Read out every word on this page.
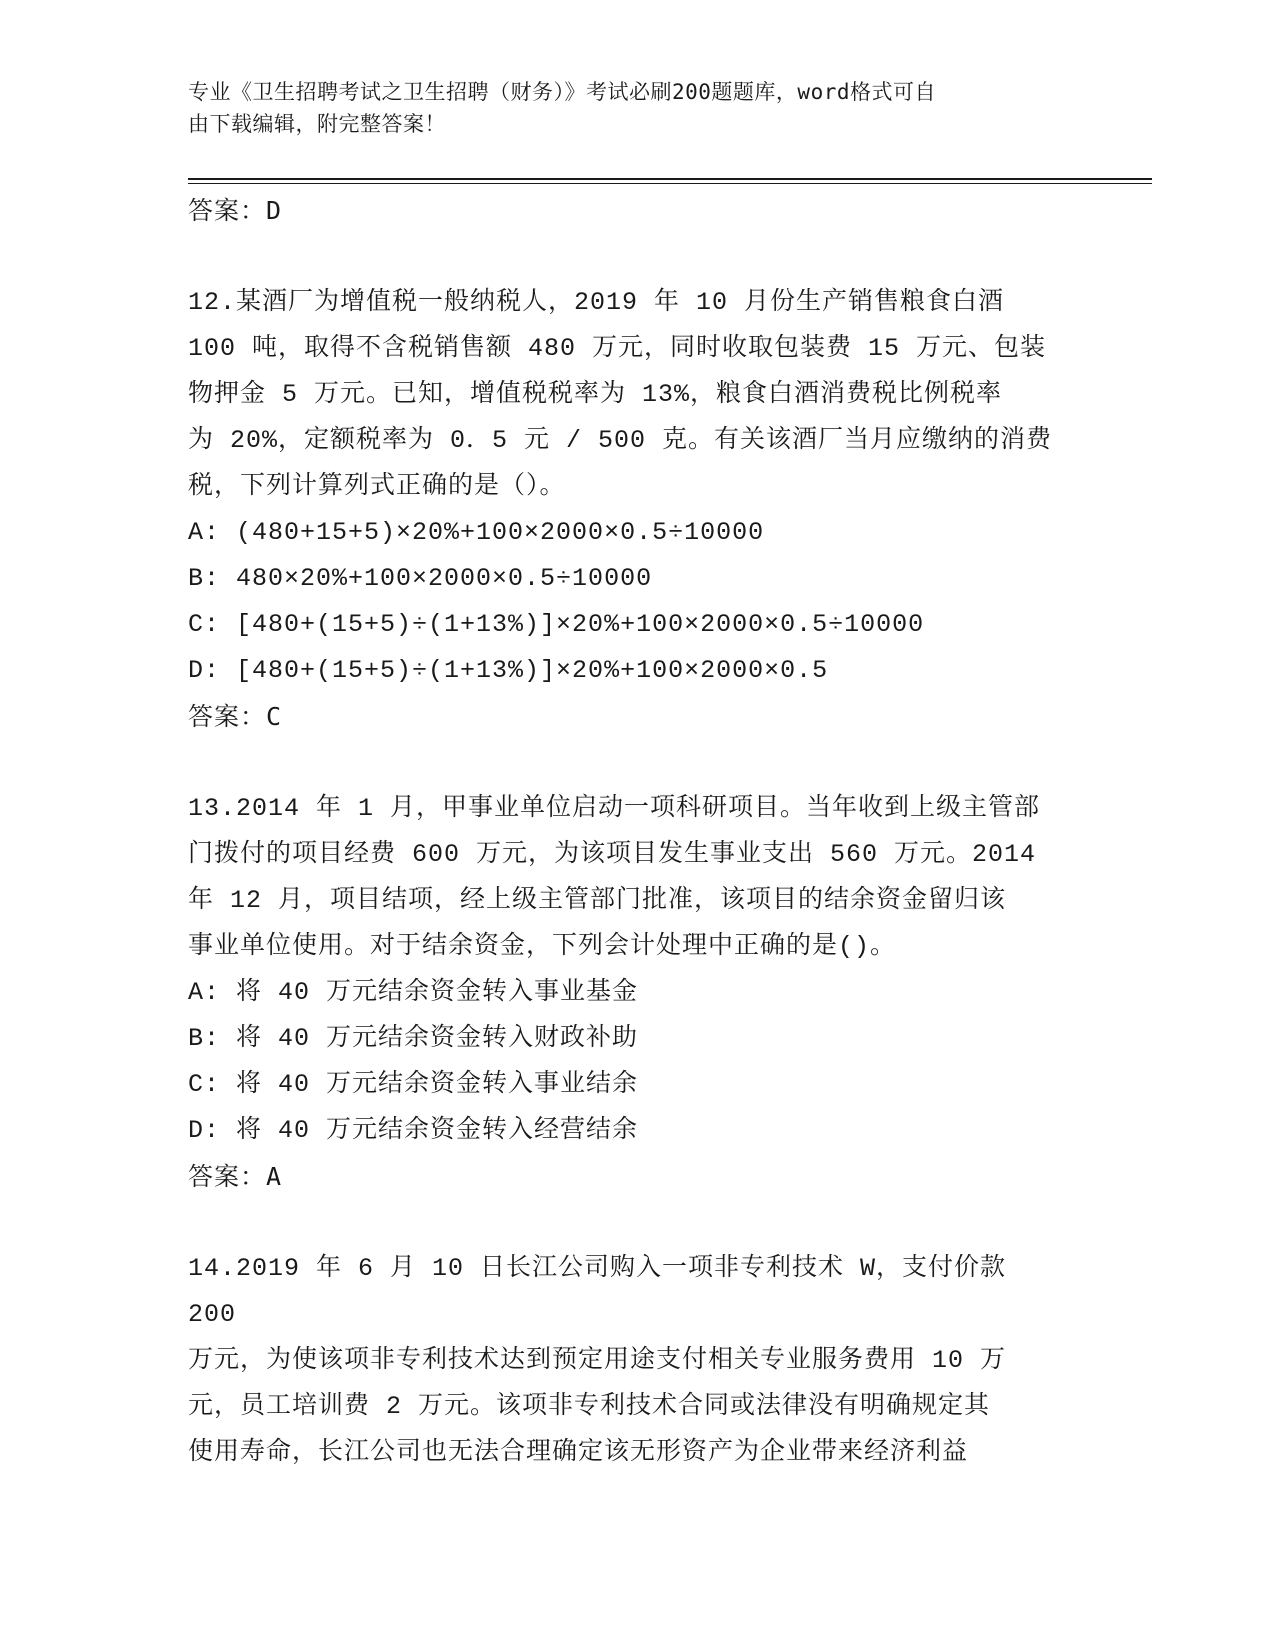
专业《卫生招聘考试之卫生招聘（财务）》考试必刷200题题库，word格式可自
由下载编辑，附完整答案！
答案：D
12.某酒厂为增值税一般纳税人，2019 年 10 月份生产销售粮食白酒
100 吨，取得不含税销售额 480 万元，同时收取包装费 15 万元、包装
物押金 5 万元。已知，增值税税率为 13%，粮食白酒消费税比例税率
为 20%，定额税率为 0．5 元 / 500 克。有关该酒厂当月应缴纳的消费
税，下列计算列式正确的是（）。
A: (480+15+5)×20%+100×2000×0.5÷10000
B: 480×20%+100×2000×0.5÷10000
C: [480+(15+5)÷(1+13%)]×20%+100×2000×0.5÷10000
D: [480+(15+5)÷(1+13%)]×20%+100×2000×0.5
答案：C
13.2014 年 1 月，甲事业单位启动一项科研项目。当年收到上级主管部
门拨付的项目经费 600 万元，为该项目发生事业支出 560 万元。2014
年 12 月，项目结项，经上级主管部门批准，该项目的结余资金留归该
事业单位使用。对于结余资金，下列会计处理中正确的是()。
A: 将 40 万元结余资金转入事业基金
B: 将 40 万元结余资金转入财政补助
C: 将 40 万元结余资金转入事业结余
D: 将 40 万元结余资金转入经营结余
答案：A
14.2019 年 6 月 10 日长江公司购入一项非专利技术 W，支付价款 200
万元，为使该项非专利技术达到预定用途支付相关专业服务费用 10 万
元，员工培训费 2 万元。该项非专利技术合同或法律没有明确规定其
使用寿命，长江公司也无法合理确定该无形资产为企业带来经济利益
